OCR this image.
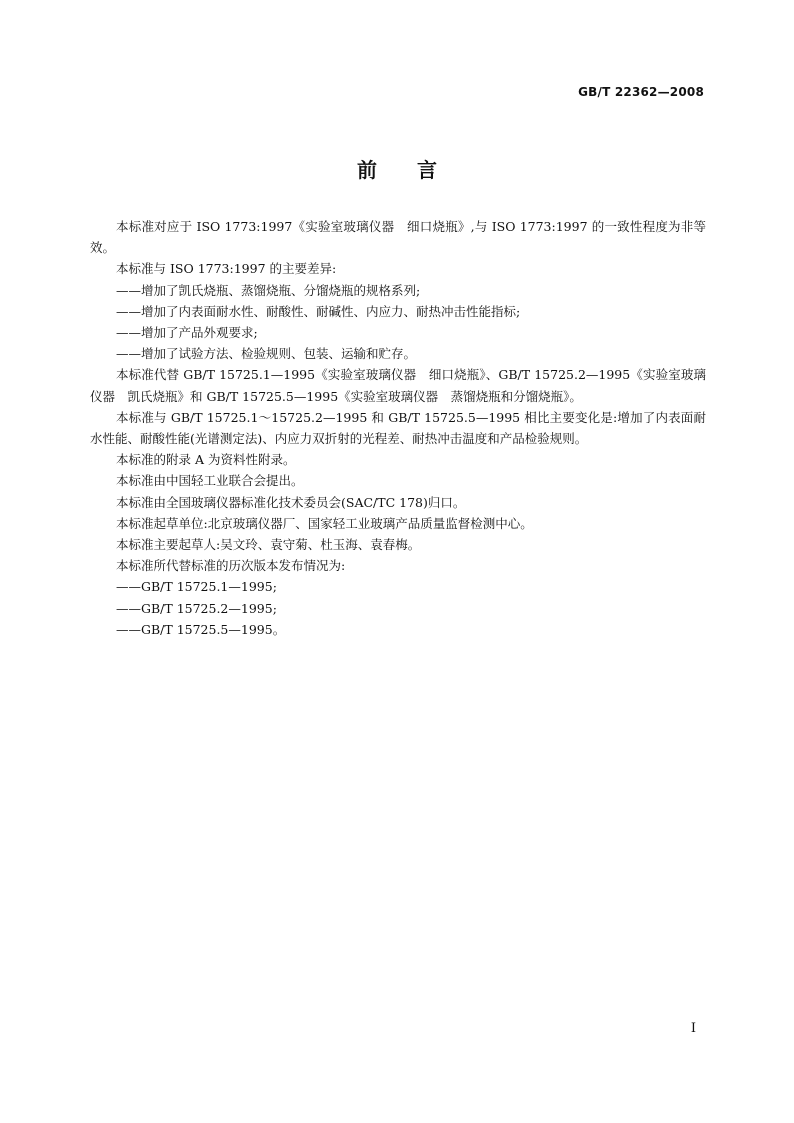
GB/T 22362—2008
前 言

本标准对应于 ISO 1773:1997《实验室玻璃仪器　细口烧瓶》,与 ISO 1773:1997 的一致性程度为非等效。

本标准与 ISO 1773:1997 的主要差异:

——增加了凯氏烧瓶、蒸馏烧瓶、分馏烧瓶的规格系列;

——增加了内表面耐水性、耐酸性、耐碱性、内应力、耐热冲击性能指标;

——增加了产品外观要求;

——增加了试验方法、检验规则、包装、运输和贮存。

本标准代替 GB/T 15725.1—1995《实验室玻璃仪器　细口烧瓶》、GB/T 15725.2—1995《实验室玻璃仪器　凯氏烧瓶》和 GB/T 15725.5—1995《实验室玻璃仪器　蒸馏烧瓶和分馏烧瓶》。

本标准与 GB/T 15725.1～15725.2—1995 和 GB/T 15725.5—1995 相比主要变化是:增加了内表面耐水性能、耐酸性能(光谱测定法)、内应力双折射的光程差、耐热冲击温度和产品检验规则。

本标准的附录 A 为资料性附录。

本标准由中国轻工业联合会提出。

本标准由全国玻璃仪器标准化技术委员会(SAC/TC 178)归口。

本标准起草单位:北京玻璃仪器厂、国家轻工业玻璃产品质量监督检测中心。

本标准主要起草人:吴文玲、袁守菊、杜玉海、袁春梅。

本标准所代替标准的历次版本发布情况为:

——GB/T 15725.1—1995;

——GB/T 15725.2—1995;

——GB/T 15725.5—1995。

I
